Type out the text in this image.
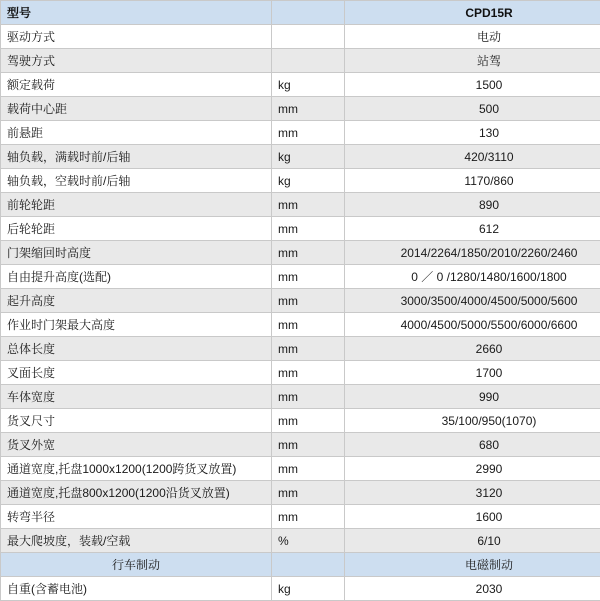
型号		CPD15R
驱动方式		电动
驾驶方式		站驾
额定载荷	kg	1500
载荷中心距	mm	500
前悬距	mm	130
轴负载，满载时前/后轴	kg	420/3110
轴负载，空载时前/后轴	kg	1170/860
前轮轮距	mm	890
后轮轮距	mm	612
门架缩回时高度	mm	2014/2264/1850/2010/2260/2460
自由提升高度(选配)	mm	0 ／ 0 /1280/1480/1600/1800
起升高度	mm	3000/3500/4000/4500/5000/5600
作业时门架最大高度	mm	4000/4500/5000/5500/6000/6600
总体长度	mm	2660
叉面长度	mm	1700
车体宽度	mm	990
货叉尺寸	mm	35/100/950(1070)
货叉外宽	mm	680
通道宽度,托盘1000x1200(1200跨货叉放置)	mm	2990
通道宽度,托盘800x1200(1200沿货叉放置)	mm	3120
转弯半径	mm	1600
最大爬坡度，装载/空载	%	6/10
行车制动		电磁制动
自重(含蓄电池)	kg	2030
